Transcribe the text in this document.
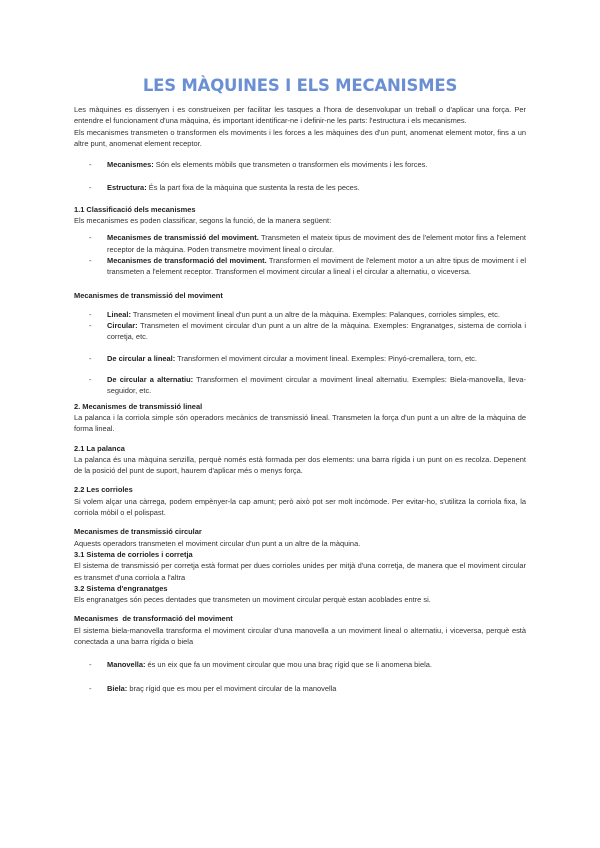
LES MÀQUINES I ELS MECANISMES

Les màquines es dissenyen i es construeixen per facilitar les tasques a l'hora de desenvolupar un treball o d'aplicar una força. Per entendre el funcionament d'una màquina, és important identificar-ne i definir-ne les parts: l'estructura i els mecanismes.

Els mecanismes transmeten o transformen els moviments i les forces a les màquines des d'un punt, anomenat element motor, fins a un altre punt, anomenat element receptor.

- Mecanismes: Són els elements mòbils que transmeten o transformen els moviments i les forces.
- Estructura: És la part fixa de la màquina que sustenta la resta de les peces.
1.1 Classificació dels mecanismes

Els mecanismes es poden classificar, segons la funció, de la manera següent:

- Mecanismes de transmissió del moviment. Transmeten el mateix tipus de moviment des de l'element motor fins a l'element receptor de la màquina. Poden transmetre moviment lineal o circular.
- Mecanismes de transformació del moviment. Transformen el moviment de l'element motor a un altre tipus de moviment i el transmeten a l'element receptor. Transformen el moviment circular a lineal i el circular a alternatiu, o viceversa.
Mecanismes de transmissió del moviment
- Lineal: Transmeten el moviment lineal d'un punt a un altre de la màquina. Exemples: Palanques, corrioles simples, etc.
- Circular: Transmeten el moviment circular d'un punt a un altre de la màquina. Exemples: Engranatges, sistema de corriola i corretja, etc.
- De circular a lineal: Transformen el moviment circular a moviment lineal. Exemples: Pinyó-cremallera, torn, etc.
- De circular a alternatiu: Transformen el moviment circular a moviment lineal alternatiu. Exemples: Biela-manovella, lleva-seguidor, etc.
2. Mecanismes de transmissió lineal

La palanca i la corriola simple són operadors mecànics de transmissió lineal. Transmeten la força d'un punt a un altre de la màquina de forma lineal.

2.1 La palanca

La palanca és una màquina senzilla, perquè només està formada per dos elements: una barra rígida i un punt on es recolza. Depenent de la posició del punt de suport, haurem d'aplicar més o menys força.

2.2 Les corrioles

Si volem alçar una càrrega, podem empènyer-la cap amunt; però això pot ser molt incòmode. Per evitar-ho, s'utilitza la corriola fixa, la corriola mòbil o el polispast.

Mecanismes de transmissió circular

Aquests operadors transmeten el moviment circular d'un punt a un altre de la màquina.

3.1 Sistema de corrioles i corretja

El sistema de transmissió per corretja està format per dues corrioles unides per mitjà d'una corretja, de manera que el moviment circular es transmet d'una corriola a l'altra

3.2 Sistema d'engranatges

Els engranatges són peces dentades que transmeten un moviment circular perquè estan acoblades entre si.

Mecanismes  de transformació del moviment

El sistema biela-manovella transforma el moviment circular d'una manovella a un moviment lineal o alternatiu, i viceversa, perquè està conectada a una barra rígida o biela

- Manovella: és un eix que fa un moviment circular que mou una braç rígid que se li anomena biela.
- Biela: braç rígid que es mou per el moviment circular de la manovella
